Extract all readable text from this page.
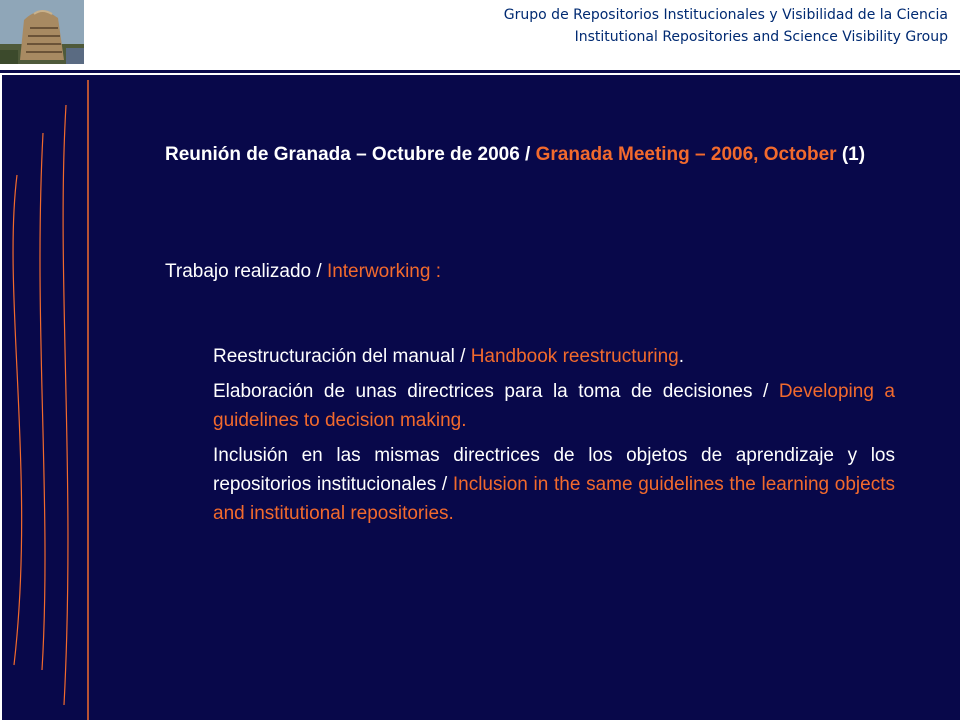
Grupo de Repositorios Institucionales y Visibilidad de la Ciencia
Institutional Repositories and Science Visibility Group

Reunión de Granada – Octubre de 2006 / Granada Meeting – 2006, October (1)

Trabajo realizado / Interworking :

Reestructuración del manual / Handbook reestructuring.

Elaboración de unas directrices para la toma de decisiones / Developing a guidelines to decision making.

Inclusión en las mismas directrices de los objetos de aprendizaje y los repositorios institucionales / Inclusion in the same guidelines the learning objects and institutional repositories.
